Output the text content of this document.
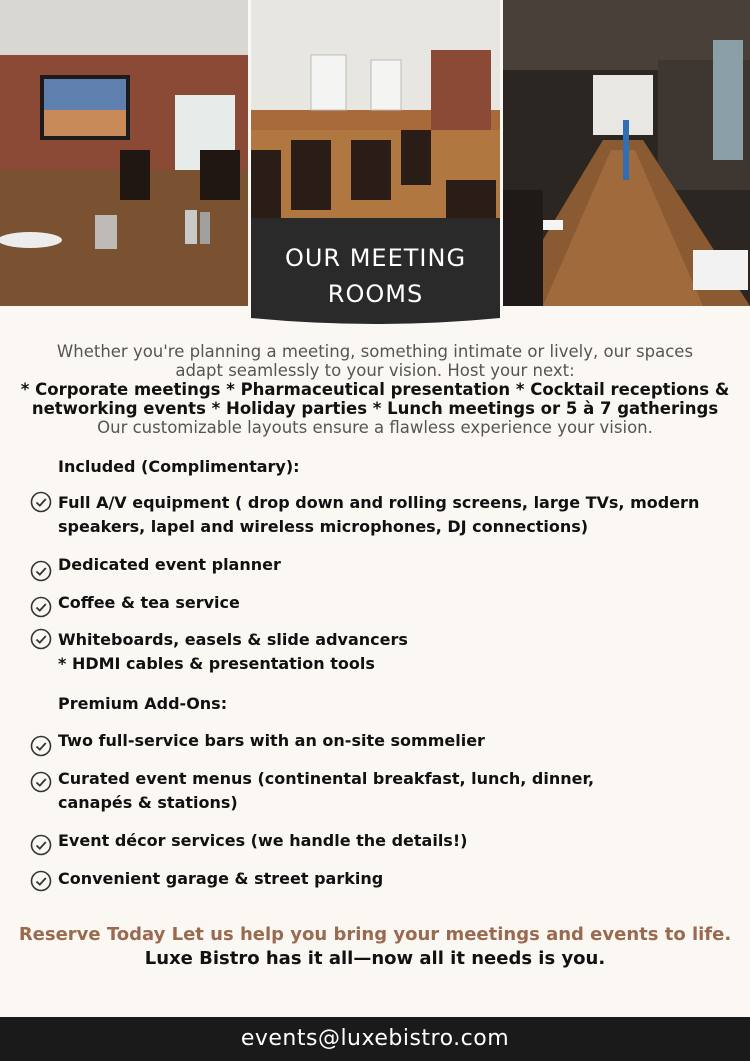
OUR MEETING
ROOMS
Whether you're planning a meeting, something intimate or lively, our spaces
adapt seamlessly to your vision. Host your next:
* Corporate meetings * Pharmaceutical presentation * Cocktail receptions &
networking events * Holiday parties * Lunch meetings or 5 à 7 gatherings
Our customizable layouts ensure a flawless experience your vision.
Included (Complimentary):
Full A/V equipment ( drop down and rolling screens, large TVs, modern
speakers, lapel and wireless microphones, DJ connections)
Dedicated event planner
Coffee & tea service
Whiteboards, easels & slide advancers
* HDMI cables & presentation tools
Premium Add-Ons:
Two full-service bars with an on-site sommelier
Curated event menus (continental breakfast, lunch, dinner,
canapés & stations)
Event décor services (we handle the details!)
Convenient garage & street parking
Reserve Today Let us help you bring your meetings and events to life.
Luxe Bistro has it all—now all it needs is you.
events@luxebistro.com
